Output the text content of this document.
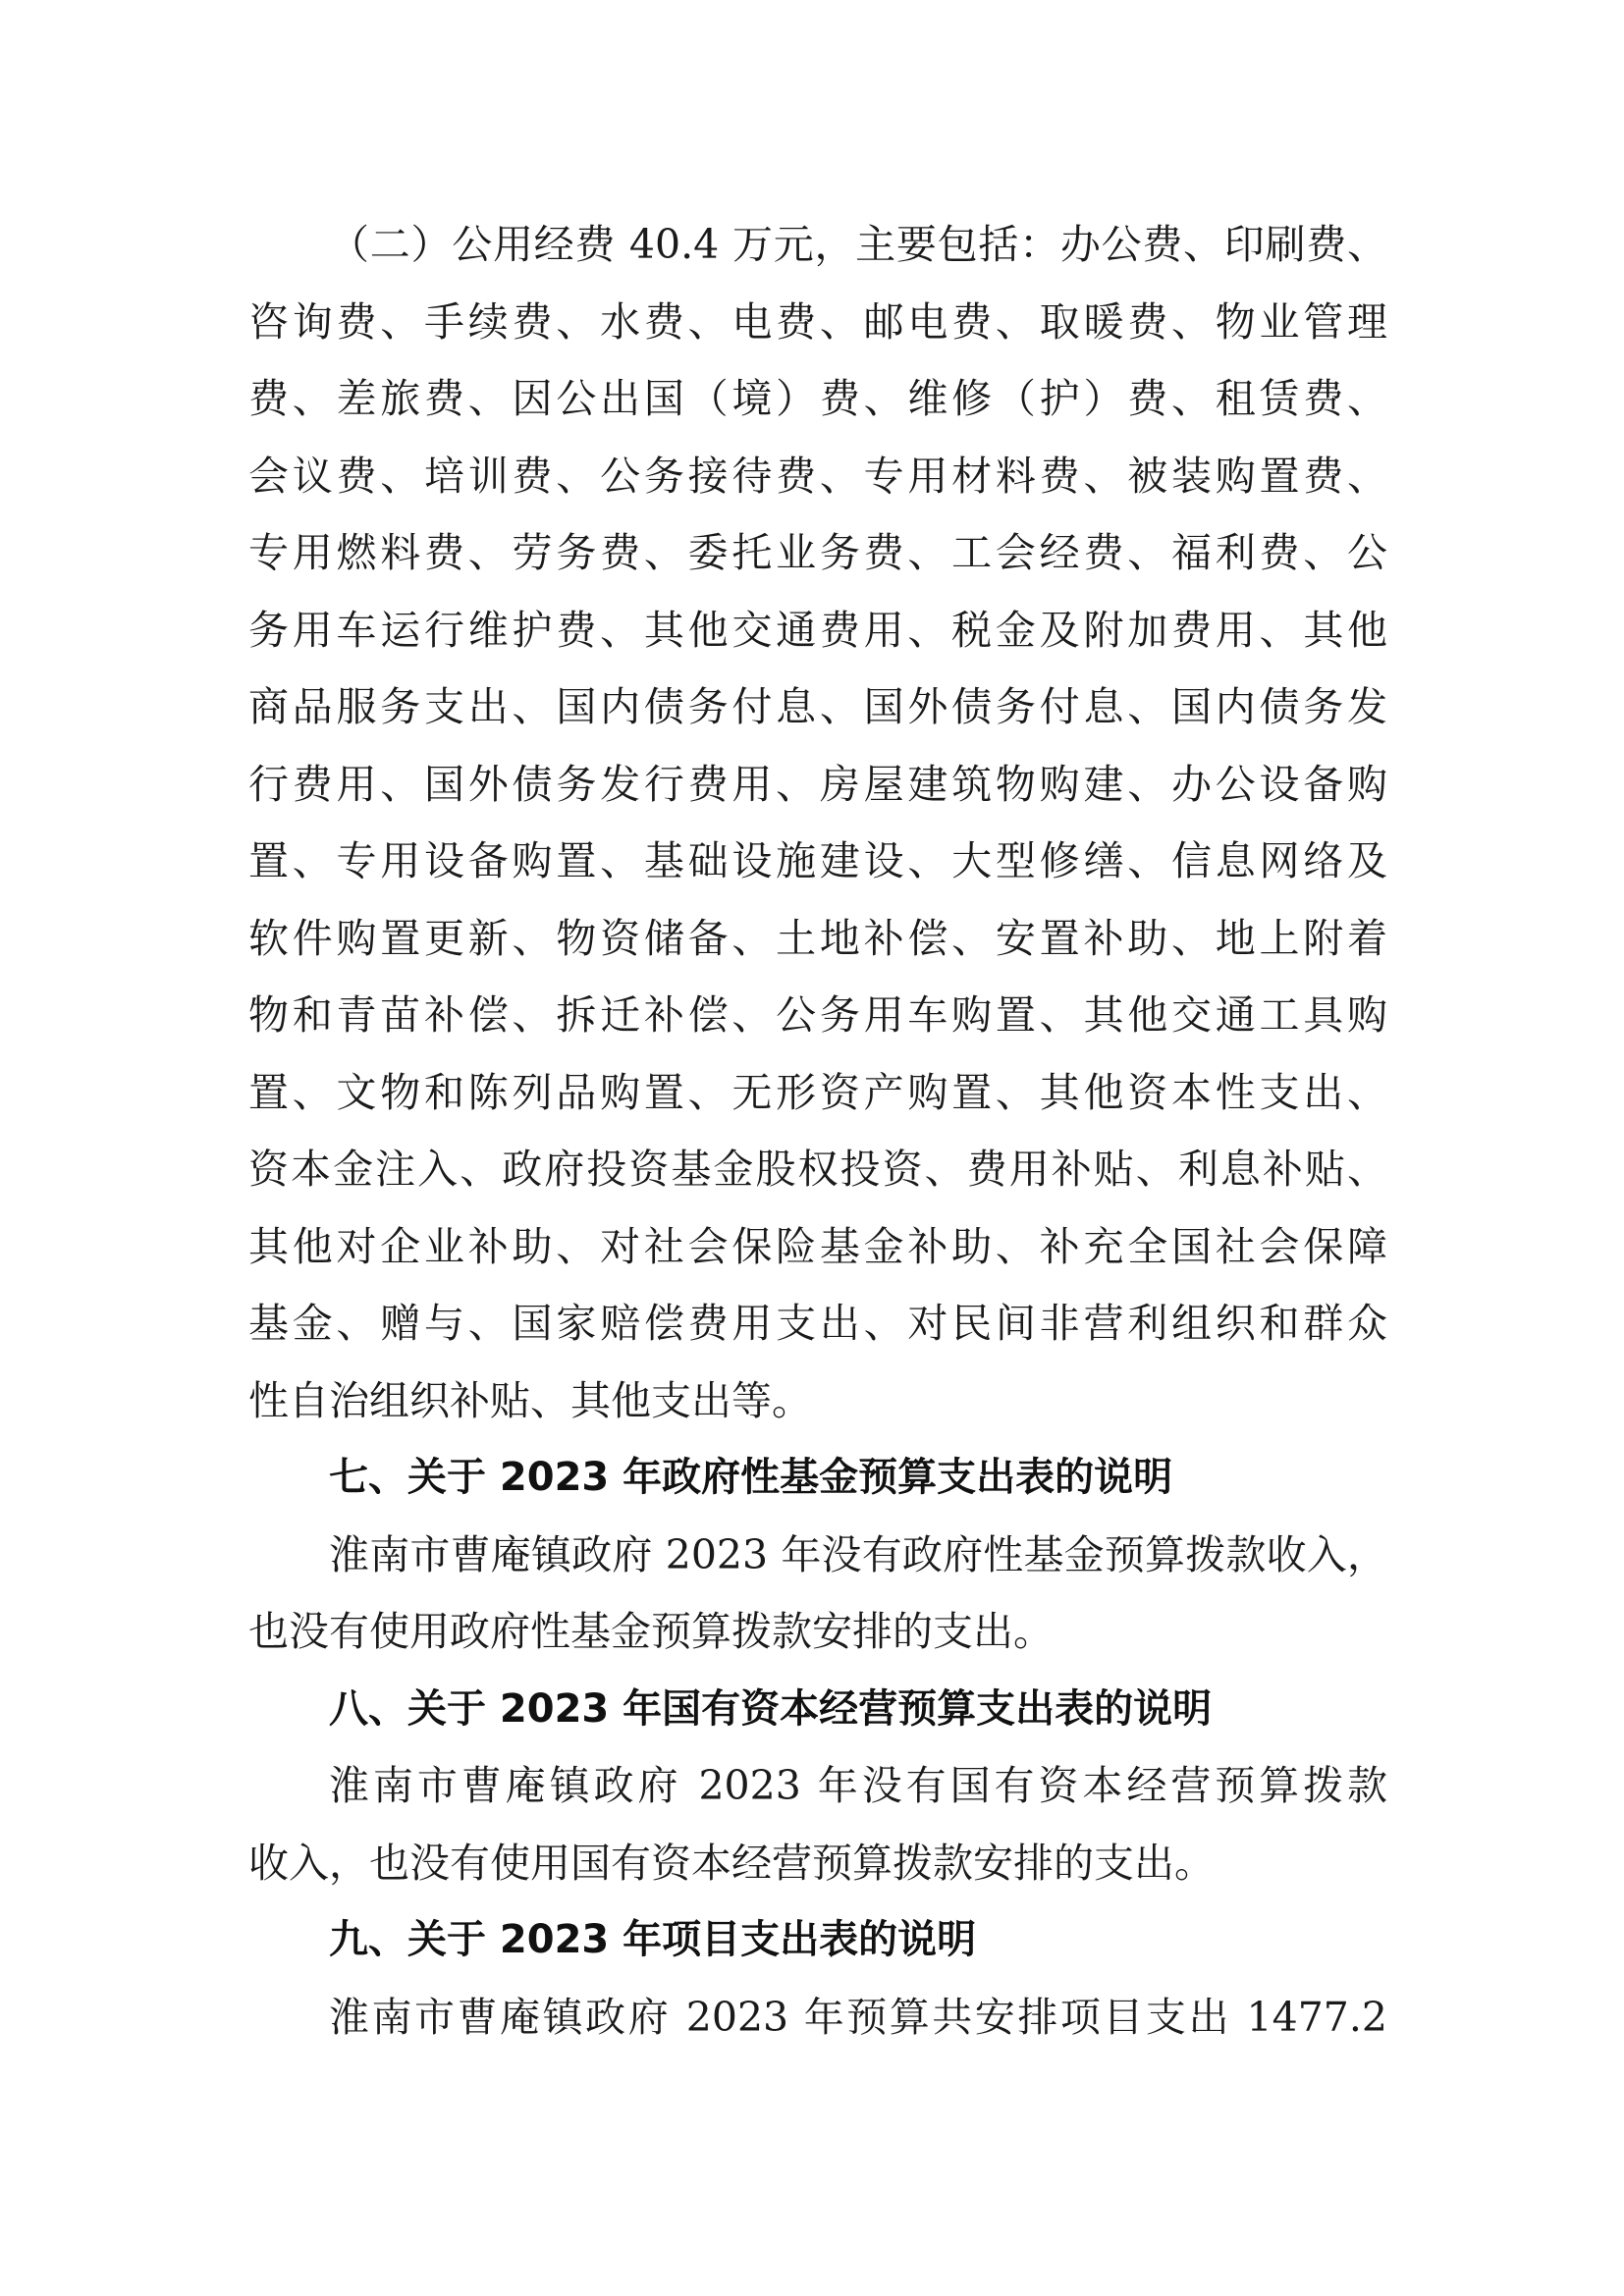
（二）公用经费 40.4 万元，主要包括：办公费、印刷费、
咨询费、手续费、水费、电费、邮电费、取暖费、物业管理
费、差旅费、因公出国（境）费、维修（护）费、租赁费、
会议费、培训费、公务接待费、专用材料费、被装购置费、
专用燃料费、劳务费、委托业务费、工会经费、福利费、公
务用车运行维护费、其他交通费用、税金及附加费用、其他
商品服务支出、国内债务付息、国外债务付息、国内债务发
行费用、国外债务发行费用、房屋建筑物购建、办公设备购
置、专用设备购置、基础设施建设、大型修缮、信息网络及
软件购置更新、物资储备、土地补偿、安置补助、地上附着
物和青苗补偿、拆迁补偿、公务用车购置、其他交通工具购
置、文物和陈列品购置、无形资产购置、其他资本性支出、
资本金注入、政府投资基金股权投资、费用补贴、利息补贴、
其他对企业补助、对社会保险基金补助、补充全国社会保障
基金、赠与、国家赔偿费用支出、对民间非营利组织和群众
性自治组织补贴、其他支出等。
七、关于 2023 年政府性基金预算支出表的说明
淮南市曹庵镇政府 2023 年没有政府性基金预算拨款收入，
也没有使用政府性基金预算拨款安排的支出。
八、关于 2023 年国有资本经营预算支出表的说明
淮南市曹庵镇政府 2023 年没有国有资本经营预算拨款
收入，也没有使用国有资本经营预算拨款安排的支出。
九、关于 2023 年项目支出表的说明
淮南市曹庵镇政府 2023 年预算共安排项目支出 1477.2
